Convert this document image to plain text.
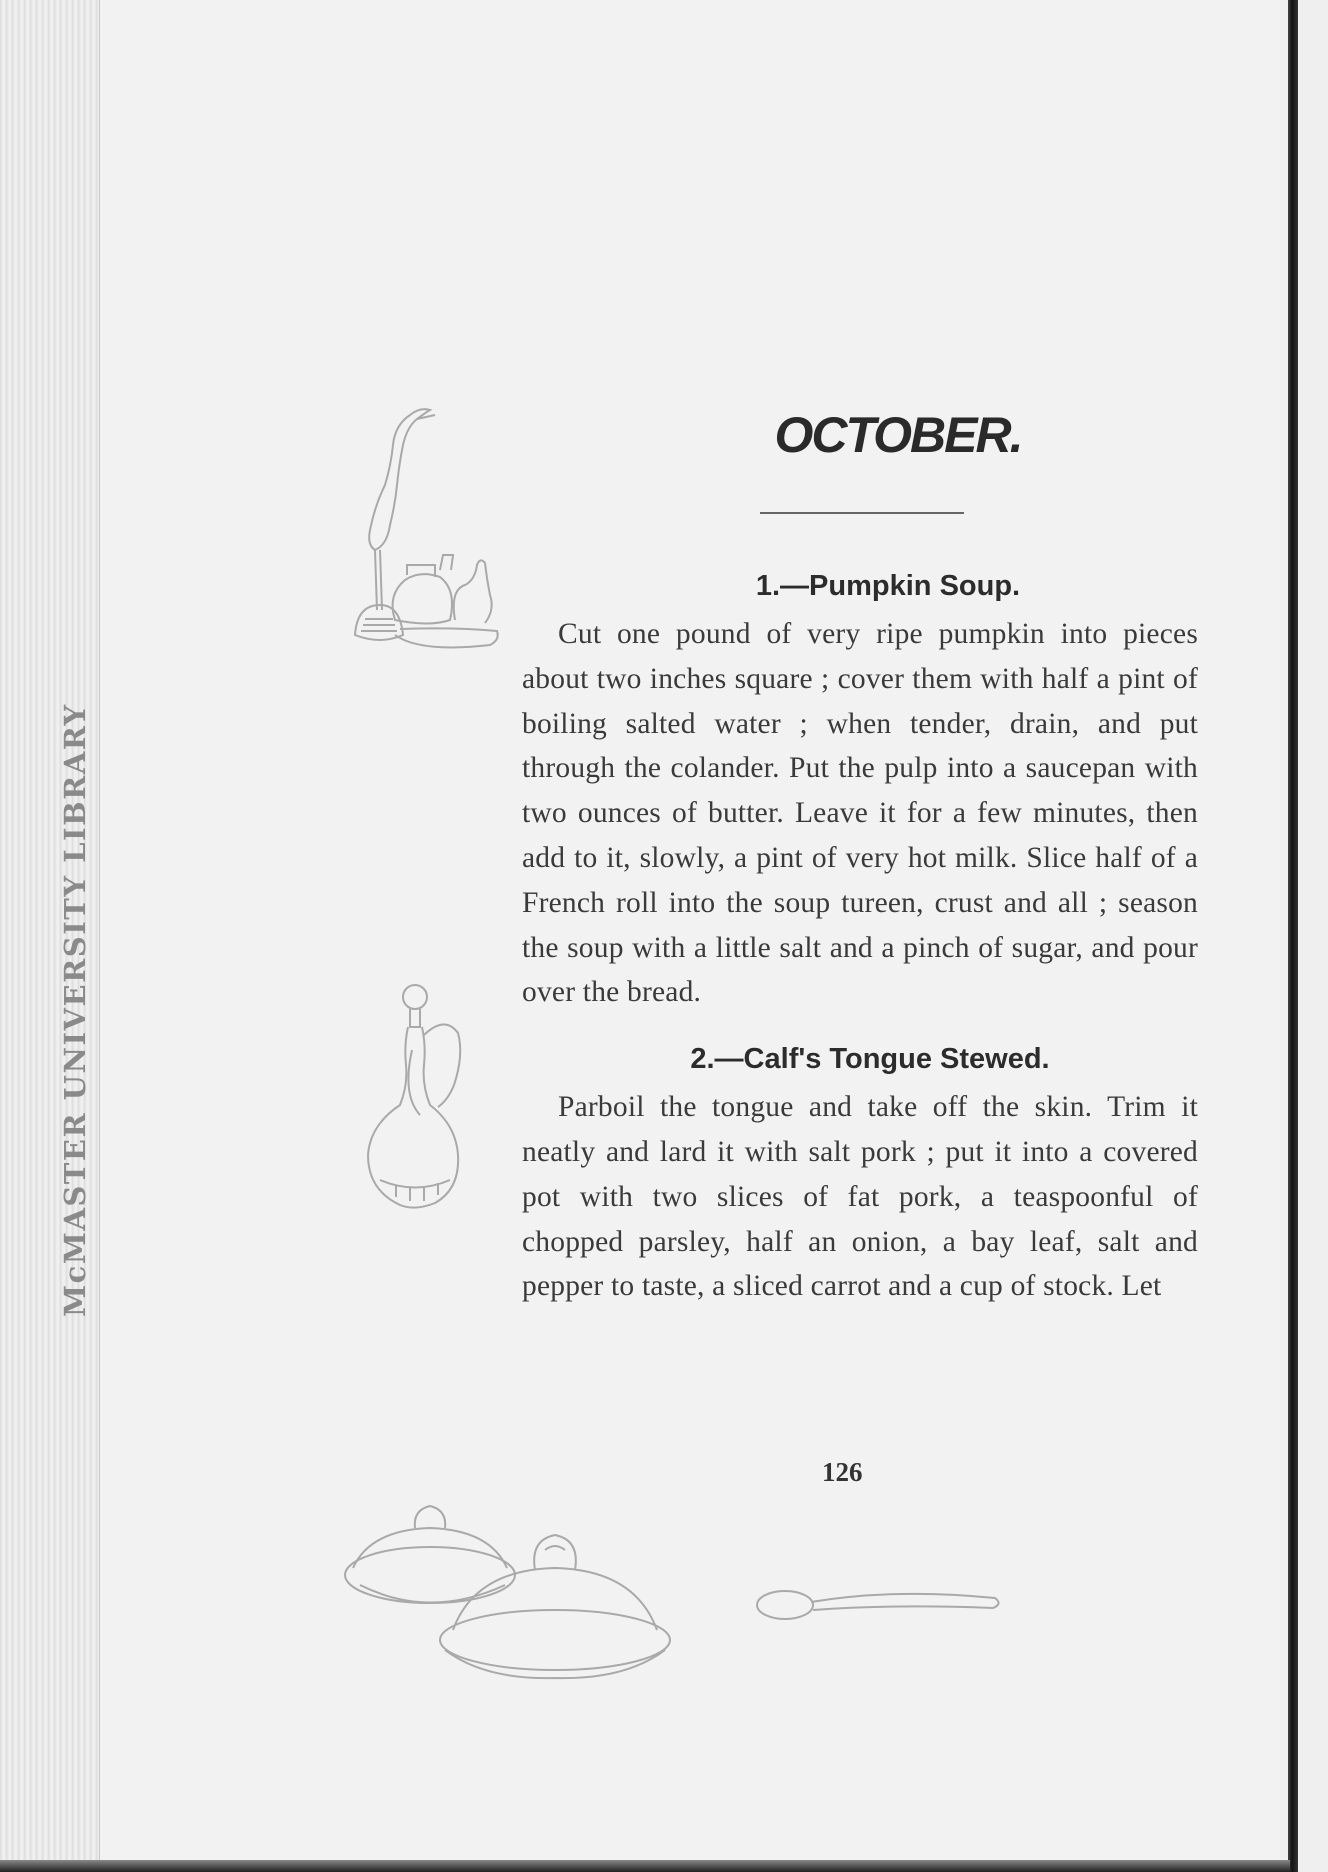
McMASTER UNIVERSITY LIBRARY
OCTOBER.
1.—Pumpkin Soup.

Cut one pound of very ripe pumpkin into pieces about two inches square ; cover them with half a pint of boiling salted water ; when tender, drain, and put through the colander. Put the pulp into a saucepan with two ounces of butter. Leave it for a few minutes, then add to it, slowly, a pint of very hot milk. Slice half of a French roll into the soup tureen, crust and all ; season the soup with a little salt and a pinch of sugar, and pour over the bread.

2.—Calf's Tongue Stewed.

Parboil the tongue and take off the skin. Trim it neatly and lard it with salt pork ; put it into a covered pot with two slices of fat pork, a teaspoonful of chopped parsley, half an onion, a bay leaf, salt and pepper to taste, a sliced carrot and a cup of stock. Let

126
